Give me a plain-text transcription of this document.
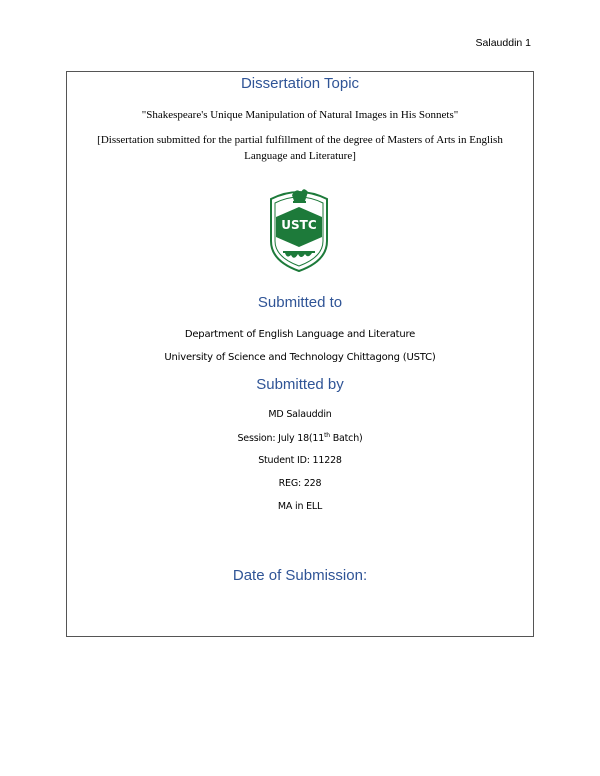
Salauddin 1
Dissertation Topic
"Shakespeare's Unique Manipulation of Natural Images in His Sonnets"
[Dissertation submitted for the partial fulfillment of the degree of Masters of Arts in English
Language and Literature]
USTC
Submitted to
Department of English Language and Literature
University of Science and Technology Chittagong (USTC)
Submitted by
MD Salauddin
Session: July 18(11th Batch)
Student ID: 11228
REG: 228
MA in ELL
Date of Submission:
